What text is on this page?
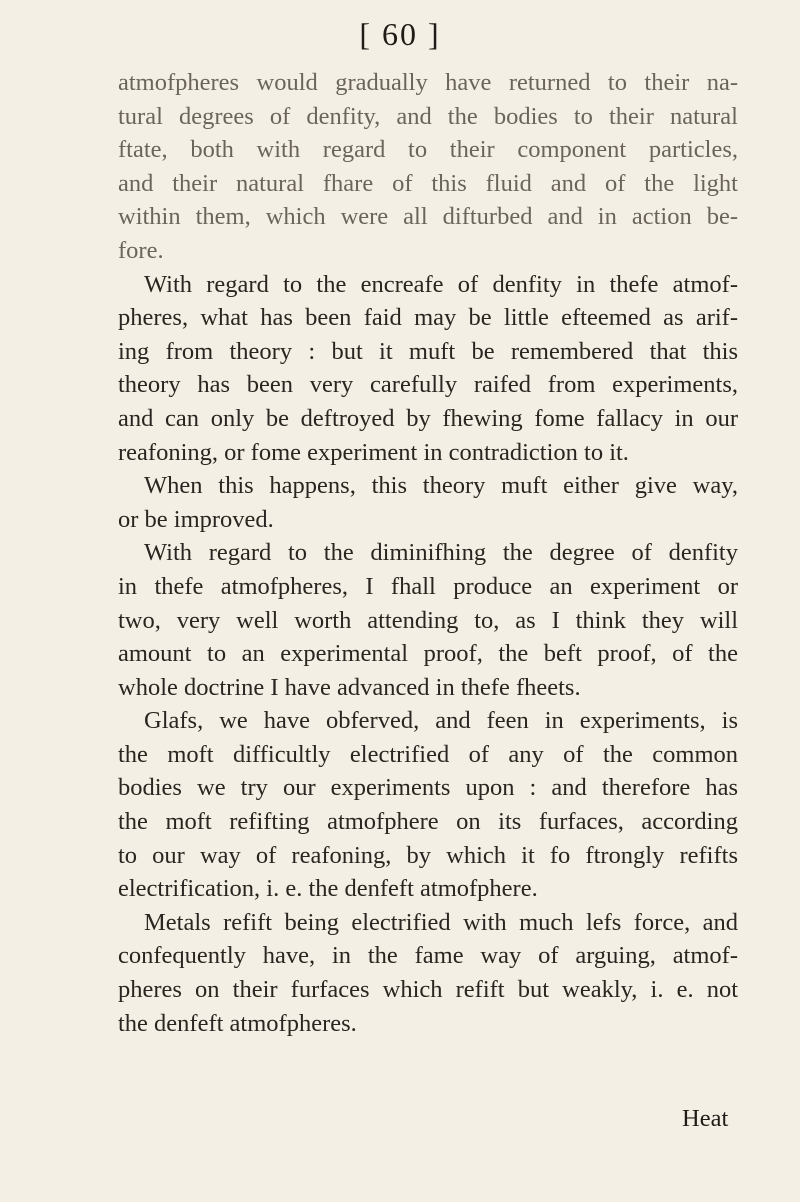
[ 60 ]
atmofpheres would gradually have returned to their na-
tural degrees of denfity, and the bodies to their natural
ftate, both with regard to their component particles,
and their natural fhare of this fluid and of the light
within them, which were all difturbed and in action be-
fore.
With regard to the encreafe of denfity in thefe atmof-
pheres, what has been faid may be little efteemed as arif-
ing from theory : but it muft be remembered that this
theory has been very carefully raifed from experiments,
and can only be deftroyed by fhewing fome fallacy in our
reafoning, or fome experiment in contradiction to it.
When this happens, this theory muft either give way,
or be improved.
With regard to the diminifhing the degree of denfity
in thefe atmofpheres, I fhall produce an experiment or
two, very well worth attending to, as I think they will
amount to an experimental proof, the beft proof, of the
whole doctrine I have advanced in thefe fheets.
Glafs, we have obferved, and feen in experiments, is
the moft difficultly electrified of any of the common
bodies we try our experiments upon : and therefore has
the moft refifting atmofphere on its furfaces, according
to our way of reafoning, by which it fo ftrongly refifts
electrification, i. e. the denfeft atmofphere.
Metals refift being electrified with much lefs force, and
confequently have, in the fame way of arguing, atmof-
pheres on their furfaces which refift but weakly, i. e. not
the denfeft atmofpheres.
Heat
